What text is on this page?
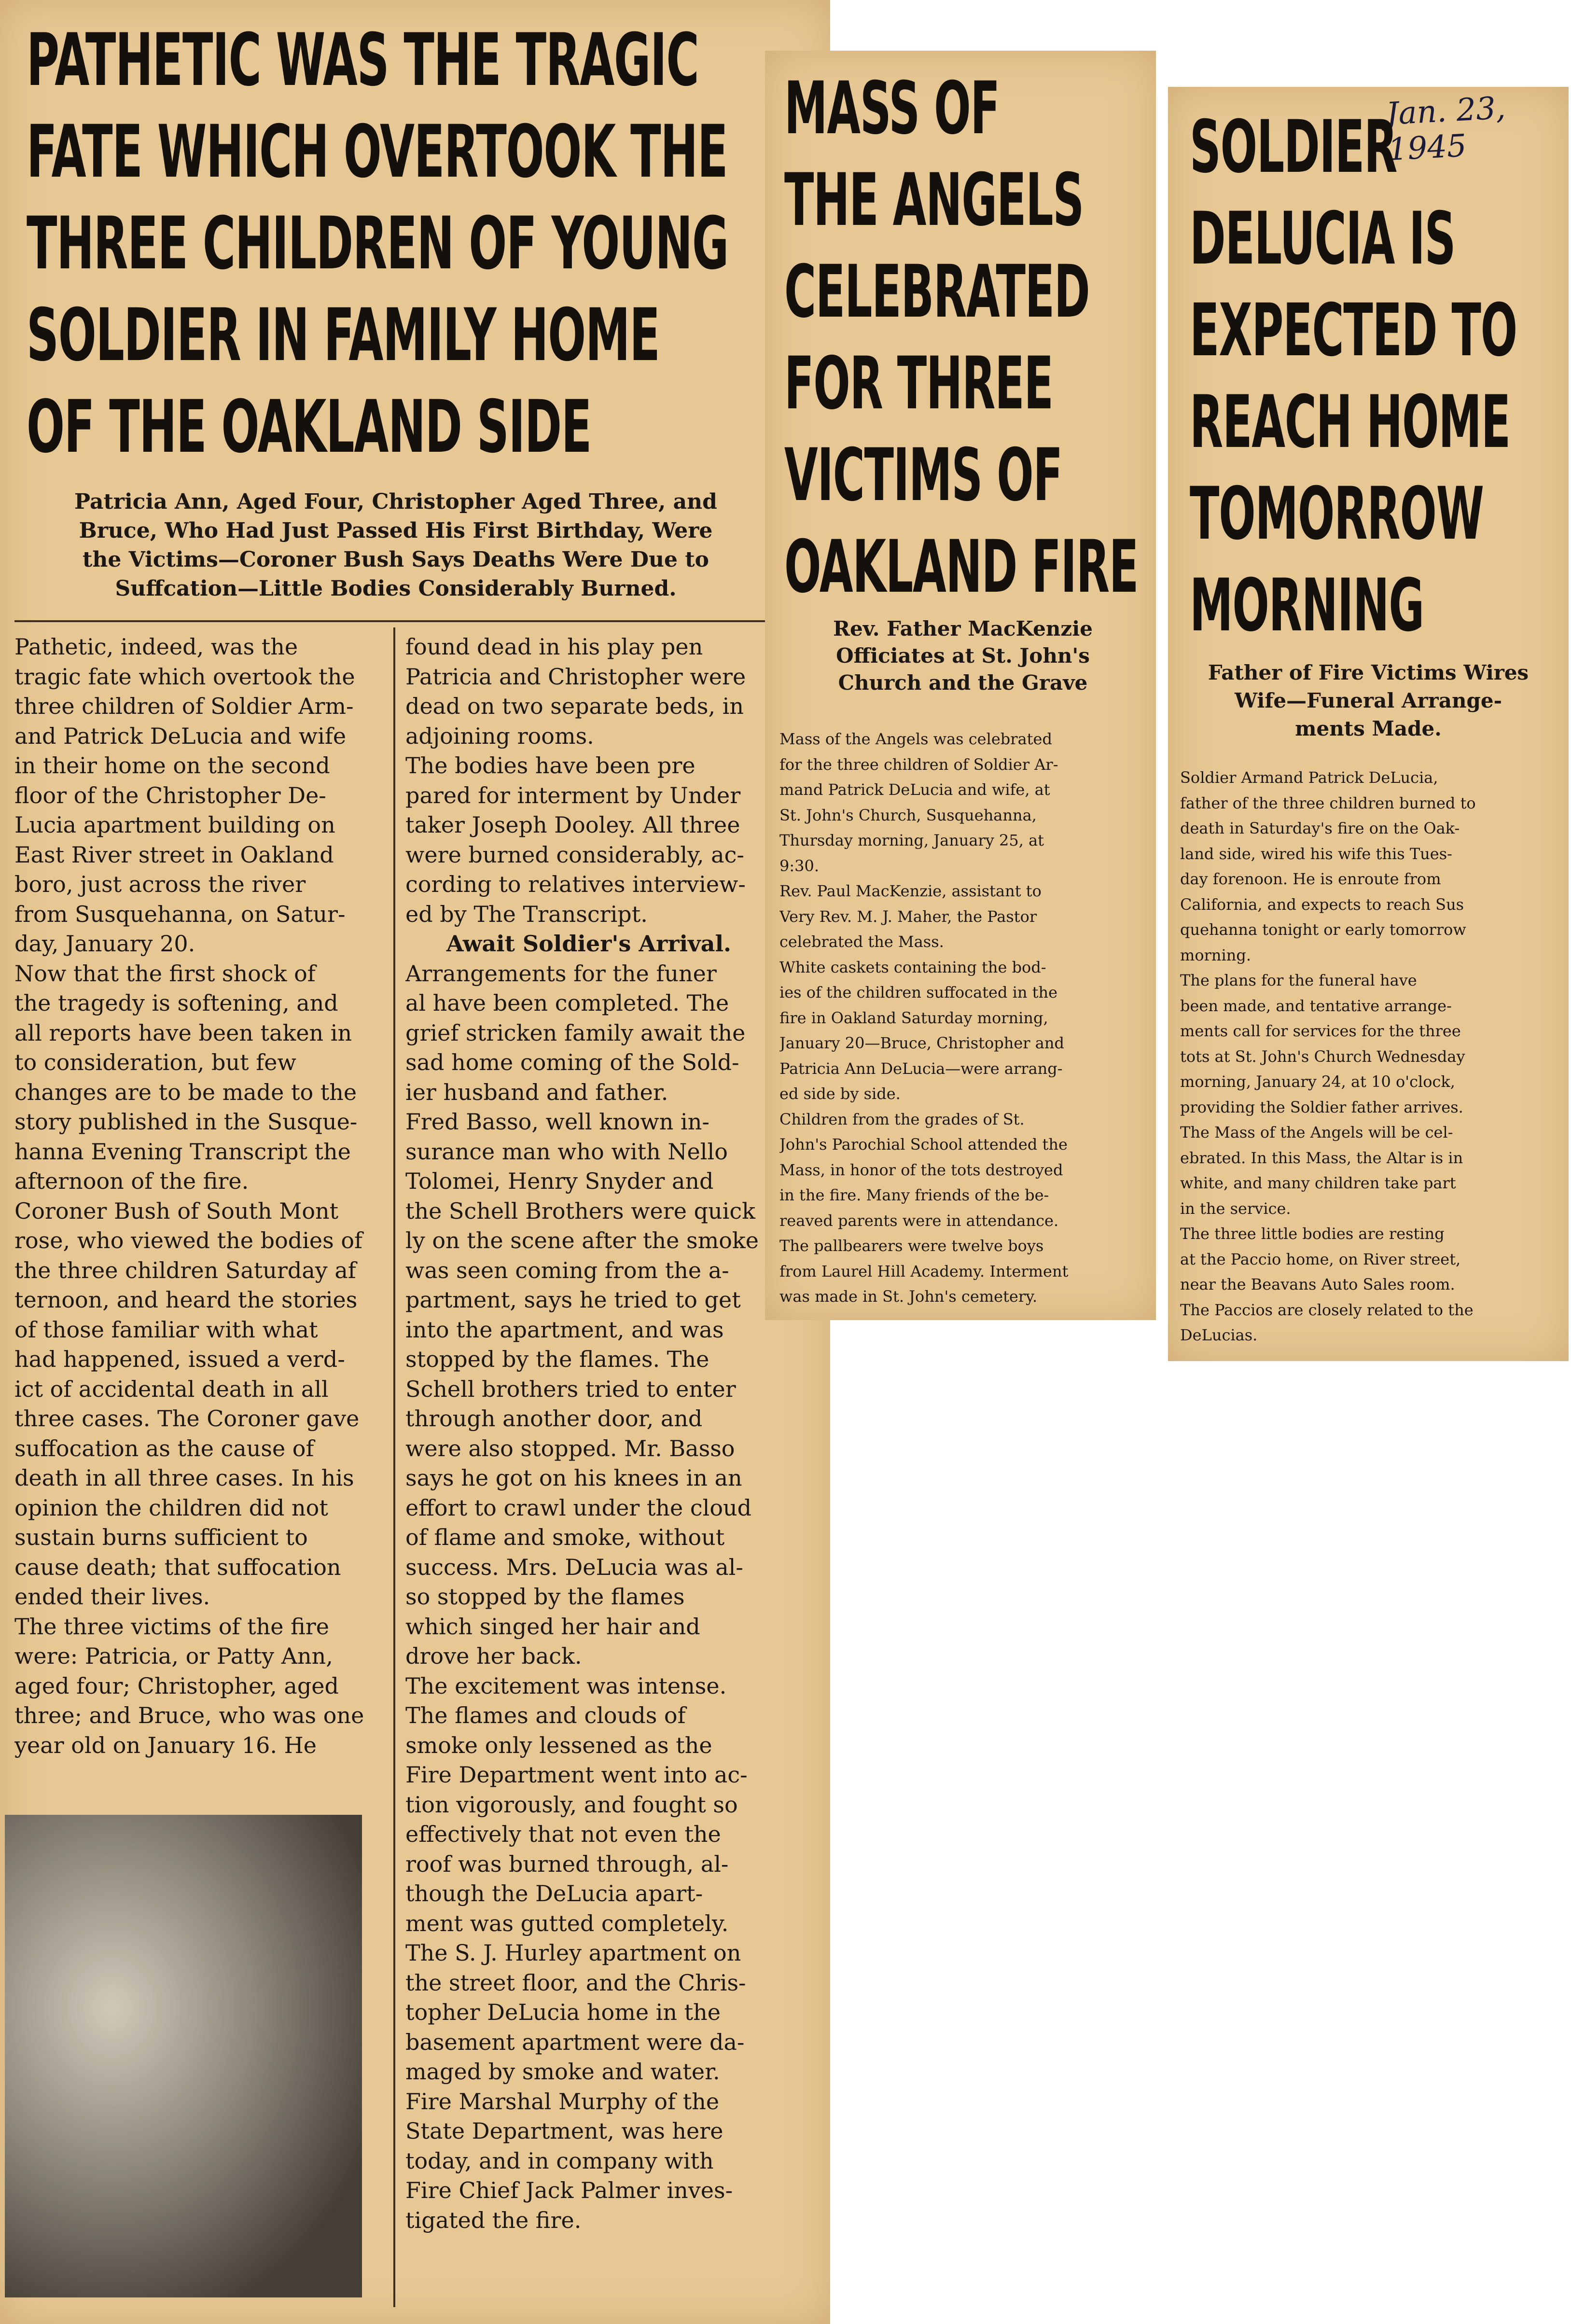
PATHETIC WAS THE TRAGIC
FATE WHICH OVERTOOK THE
THREE CHILDREN OF YOUNG
SOLDIER IN FAMILY HOME
OF THE OAKLAND SIDE
Patricia Ann, Aged Four, Christopher Aged Three, and
Bruce, Who Had Just Passed His First Birthday, Were
the Victims—Coroner Bush Says Deaths Were Due to
Suffcation—Little Bodies Considerably Burned.
Pathetic, indeed, was the
tragic fate which overtook the
three children of Soldier Arm-
and Patrick DeLucia and wife
in their home on the second
floor of the Christopher De-
Lucia apartment building on
East River street in Oakland
boro, just across the river
from Susquehanna, on Satur-
day, January 20.
Now that the first shock of
the tragedy is softening, and
all reports have been taken in
to consideration, but few
changes are to be made to the
story published in the Susque-
hanna Evening Transcript the
afternoon of the fire.
Coroner Bush of South Mont
rose, who viewed the bodies of
the three children Saturday af
ternoon, and heard the stories
of those familiar with what
had happened, issued a verd-
ict of accidental death in all
three cases. The Coroner gave
suffocation as the cause of
death in all three cases. In his
opinion the children did not
sustain burns sufficient to
cause death; that suffocation
ended their lives.
The three victims of the fire
were: Patricia, or Patty Ann,
aged four; Christopher, aged
three; and Bruce, who was one
year old on January 16. He
found dead in his play pen
Patricia and Christopher were
dead on two separate beds, in
adjoining rooms.
The bodies have been pre
pared for interment by Under
taker Joseph Dooley. All three
were burned considerably, ac-
cording to relatives interview-
ed by The Transcript.
Await Soldier's Arrival.
Arrangements for the funer
al have been completed. The
grief stricken family await the
sad home coming of the Sold-
ier husband and father.
Fred Basso, well known in-
surance man who with Nello
Tolomei, Henry Snyder and
the Schell Brothers were quick
ly on the scene after the smoke
was seen coming from the a-
partment, says he tried to get
into the apartment, and was
stopped by the flames. The
Schell brothers tried to enter
through another door, and
were also stopped. Mr. Basso
says he got on his knees in an
effort to crawl under the cloud
of flame and smoke, without
success. Mrs. DeLucia was al-
so stopped by the flames
which singed her hair and
drove her back.
The excitement was intense.
The flames and clouds of
smoke only lessened as the
Fire Department went into ac-
tion vigorously, and fought so
effectively that not even the
roof was burned through, al-
though the DeLucia apart-
ment was gutted completely.
The S. J. Hurley apartment on
the street floor, and the Chris-
topher DeLucia home in the
basement apartment were da-
maged by smoke and water.
Fire Marshal Murphy of the
State Department, was here
today, and in company with
Fire Chief Jack Palmer inves-
tigated the fire.

MASS OF
THE ANGELS
CELEBRATED
FOR THREE
VICTIMS OF
OAKLAND FIRE
Rev. Father MacKenzie
Officiates at St. John's
Church and the Grave
Mass of the Angels was celebrated
for the three children of Soldier Ar-
mand Patrick DeLucia and wife, at
St. John's Church, Susquehanna,
Thursday morning, January 25, at
9:30.
Rev. Paul MacKenzie, assistant to
Very Rev. M. J. Maher, the Pastor
celebrated the Mass.
White caskets containing the bod-
ies of the children suffocated in the
fire in Oakland Saturday morning,
January 20—Bruce, Christopher and
Patricia Ann DeLucia—were arrang-
ed side by side.
Children from the grades of St.
John's Parochial School attended the
Mass, in honor of the tots destroyed
in the fire. Many friends of the be-
reaved parents were in attendance.
The pallbearers were twelve boys
from Laurel Hill Academy. Interment
was made in St. John's cemetery.
Jan. 23, 1945
SOLDIER
DELUCIA IS
EXPECTED TO
REACH HOME
TOMORROW
MORNING
Father of Fire Victims Wires
Wife—Funeral Arrange-
ments Made.
Soldier Armand Patrick DeLucia,
father of the three children burned to
death in Saturday's fire on the Oak-
land side, wired his wife this Tues-
day forenoon. He is enroute from
California, and expects to reach Sus
quehanna tonight or early tomorrow
morning.
The plans for the funeral have
been made, and tentative arrange-
ments call for services for the three
tots at St. John's Church Wednesday
morning, January 24, at 10 o'clock,
providing the Soldier father arrives.
The Mass of the Angels will be cel-
ebrated. In this Mass, the Altar is in
white, and many children take part
in the service.
The three little bodies are resting
at the Paccio home, on River street,
near the Beavans Auto Sales room.
The Paccios are closely related to the
DeLucias.
